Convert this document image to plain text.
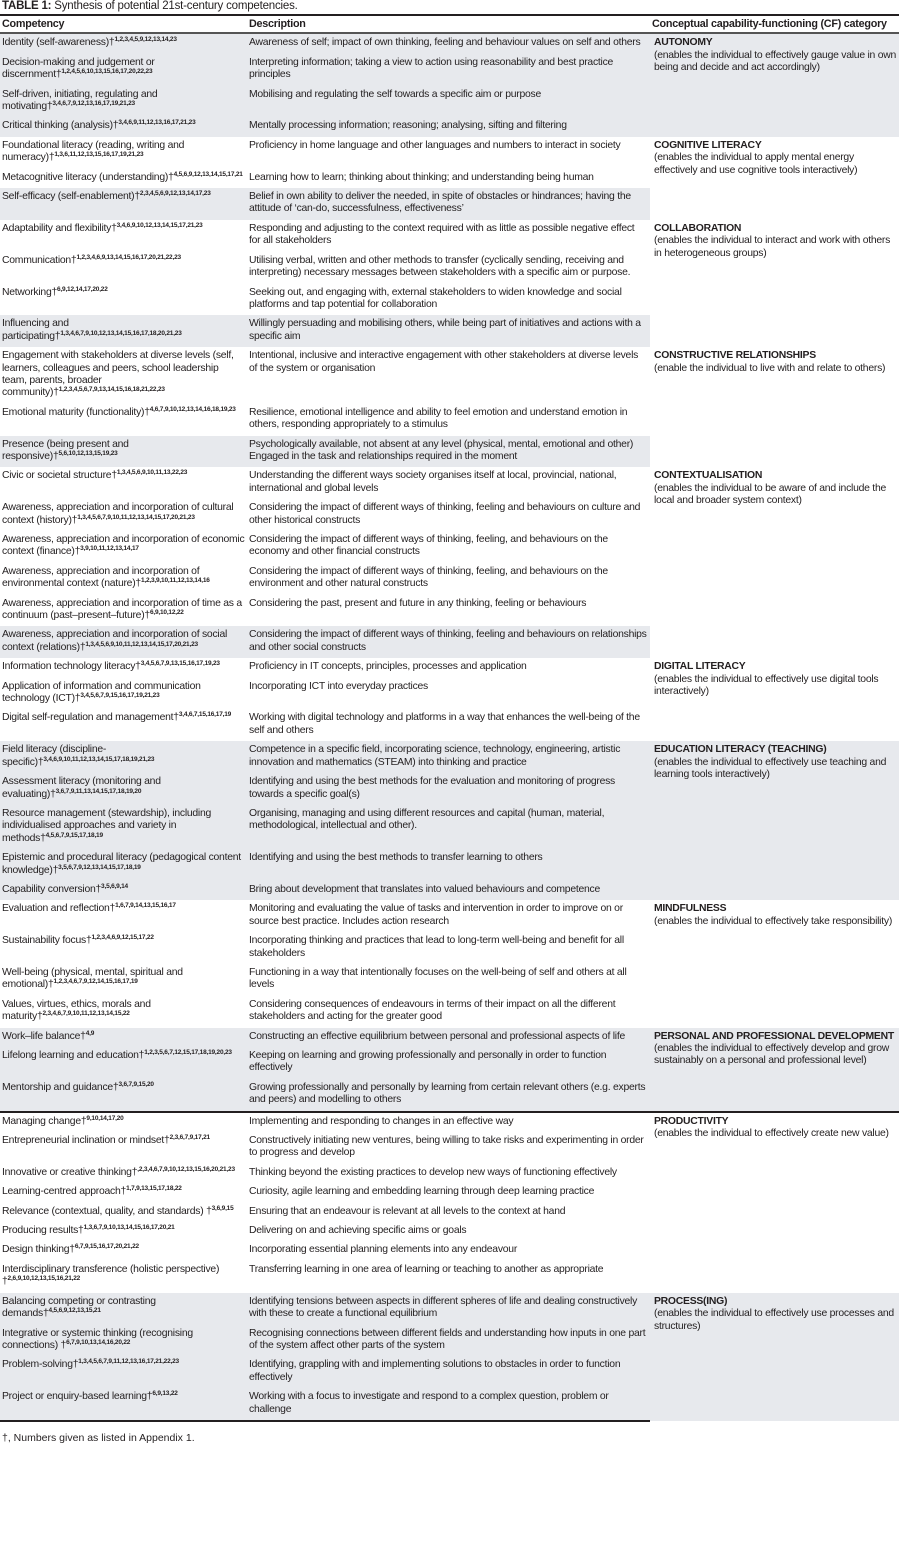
TABLE 1: Synthesis of potential 21st-century competencies.
Competency	Description	Conceptual capability-functioning (CF) category
Identity (self-awareness)†$^{1,2,3,4,5,9,12,13,14,23}$	Awareness of self; impact of own thinking, feeling and behaviour values on self and others	AUTONOMY
(enables the individual to effectively gauge value in own being and decide and act accordingly)
Decision-making and judgement or discernment†$^{1,2,4,5,6,10,13,15,16,17,20,22,23}$	Interpreting information; taking a view to action using reasonability and best practice principles	
Self-driven, initiating, regulating and motivating†$^{3,4,6,7,9,12,13,16,17,19,21,23}$	Mobilising and regulating the self towards a specific aim or purpose	
Critical thinking (analysis)†$^{3,4,6,9,11,12,13,16,17,21,23}$	Mentally processing information; reasoning; analysing, sifting and filtering	
Foundational literacy (reading, writing and numeracy)†$^{1,3,6,11,12,13,15,16,17,19,21,23}$	Proficiency in home language and other languages and numbers to interact in society	COGNITIVE LITERACY
(enables the individual to apply mental energy effectively and use cognitive tools interactively)
Metacognitive literacy (understanding)†$^{4,5,6,9,12,13,14,15,17,21}$	Learning how to learn; thinking about thinking; and understanding being human	
Self-efficacy (self-enablement)†$^{2,3,4,5,6,9,12,13,14,17,23}$	Belief in own ability to deliver the needed, in spite of obstacles or hindrances; having the attitude of ‘can-do, successfulness, effectiveness’	
Adaptability and flexibility†$^{3,4,6,9,10,12,13,14,15,17,21,23}$	Responding and adjusting to the context required with as little as possible negative effect for all stakeholders	COLLABORATION
(enables the individual to interact and work with others in heterogeneous groups)
Communication†$^{1,2,3,4,6,9,13,14,15,16,17,20,21,22,23}$	Utilising verbal, written and other methods to transfer (cyclically sending, receiving and interpreting) necessary messages between stakeholders with a specific aim or purpose.	
Networking†$^{6,9,12,14,17,20,22}$	Seeking out, and engaging with, external stakeholders to widen knowledge and social platforms and tap potential for collaboration	
Influencing and participating†$^{1,3,4,6,7,9,10,12,13,14,15,16,17,18,20,21,23}$	Willingly persuading and mobilising others, while being part of initiatives and actions with a specific aim	
Engagement with stakeholders at diverse levels (self, learners, colleagues and peers, school leadership team, parents, broader community)†$^{1,2,3,4,5,6,7,9,13,14,15,16,18,21,22,23}$	Intentional, inclusive and interactive engagement with other stakeholders at diverse levels of the system or organisation	CONSTRUCTIVE RELATIONSHIPS
(enable the individual to live with and relate to others)
Emotional maturity (functionality)†$^{4,6,7,9,10,12,13,14,16,18,19,23}$	Resilience, emotional intelligence and ability to feel emotion and understand emotion in others, responding appropriately to a stimulus	
Presence (being present and responsive)†$^{5,6,10,12,13,15,19,23}$	Psychologically available, not absent at any level (physical, mental, emotional and other) Engaged in the task and relationships required in the moment	
Civic or societal structure†$^{1,3,4,5,6,9,10,11,13,22,23}$	Understanding the different ways society organises itself at local, provincial, national, international and global levels	CONTEXTUALISATION
(enables the individual to be aware of and include the local and broader system context)
Awareness, appreciation and incorporation of cultural context (history)†$^{1,3,4,5,6,7,9,10,11,12,13,14,15,17,20,21,23}$	Considering the impact of different ways of thinking, feeling and behaviours on culture and other historical constructs	
Awareness, appreciation and incorporation of economic context (finance)†$^{3,9,10,11,12,13,14,17}$	Considering the impact of different ways of thinking, feeling, and behaviours on the economy and other financial constructs	
Awareness, appreciation and incorporation of environmental context (nature)†$^{1,2,3,9,10,11,12,13,14,16}$	Considering the impact of different ways of thinking, feeling, and behaviours on the environment and other natural constructs	
Awareness, appreciation and incorporation of time as a continuum (past–present–future)†$^{6,9,10,12,22}$	Considering the past, present and future in any thinking, feeling or behaviours	
Awareness, appreciation and incorporation of social context (relations)†$^{1,3,4,5,6,9,10,11,12,13,14,15,17,20,21,23}$	Considering the impact of different ways of thinking, feeling and behaviours on relationships and other social constructs	
Information technology literacy†$^{3,4,5,6,7,9,13,15,16,17,19,23}$	Proficiency in IT concepts, principles, processes and application	DIGITAL LITERACY
(enables the individual to effectively use digital tools interactively)
Application of information and communication technology (ICT)†$^{3,4,5,6,7,9,15,16,17,19,21,23}$	Incorporating ICT into everyday practices	
Digital self-regulation and management†$^{3,4,6,7,15,16,17,19}$	Working with digital technology and platforms in a way that enhances the well-being of the self and others	
Field literacy (discipline-specific)†$^{3,4,6,9,10,11,12,13,14,15,17,18,19,21,23}$	Competence in a specific field, incorporating science, technology, engineering, artistic innovation and mathematics (STEAM) into thinking and practice	EDUCATION LITERACY (TEACHING)
(enables the individual to effectively use teaching and learning tools interactively)
Assessment literacy (monitoring and evaluating)†$^{3,6,7,9,11,13,14,15,17,18,19,20}$	Identifying and using the best methods for the evaluation and monitoring of progress towards a specific goal(s)	
Resource management (stewardship), including individualised approaches and variety in methods†$^{4,5,6,7,9,15,17,18,19}$	Organising, managing and using different resources and capital (human, material, methodological, intellectual and other).	
Epistemic and procedural literacy (pedagogical content knowledge)†$^{3,5,6,7,9,12,13,14,15,17,18,19}$	Identifying and using the best methods to transfer learning to others	
Capability conversion†$^{3,5,6,9,14}$	Bring about development that translates into valued behaviours and competence	
Evaluation and reflection†$^{1,6,7,9,14,13,15,16,17}$	Monitoring and evaluating the value of tasks and intervention in order to improve on or source best practice. Includes action research	MINDFULNESS
(enables the individual to effectively take responsibility)
Sustainability focus†$^{1,2,3,4,6,9,12,15,17,22}$	Incorporating thinking and practices that lead to long-term well-being and benefit for all stakeholders	
Well-being (physical, mental, spiritual and emotional)†$^{1,2,3,4,6,7,9,12,14,15,16,17,19}$	Functioning in a way that intentionally focuses on the well-being of self and others at all levels	
Values, virtues, ethics, morals and maturity†$^{2,3,4,6,7,9,10,11,12,13,14,15,22}$	Considering consequences of endeavours in terms of their impact on all the different stakeholders and acting for the greater good	
Work–life balance†$^{4,9}$	Constructing an effective equilibrium between personal and professional aspects of life	PERSONAL AND PROFESSIONAL DEVELOPMENT
(enables the individual to effectively develop and grow sustainably on a personal and professional level)
Lifelong learning and education†$^{1,2,3,5,6,7,12,15,17,18,19,20,23}$	Keeping on learning and growing professionally and personally in order to function effectively	
Mentorship and guidance†$^{3,6,7,9,15,20}$	Growing professionally and personally by learning from certain relevant others (e.g. experts and peers) and modelling to others	
Managing change†$^{9,10,14,17,20}$	Implementing and responding to changes in an effective way	PRODUCTIVITY
(enables the individual to effectively create new value)
Entrepreneurial inclination or mindset†$^{2,3,6,7,9,17,21}$	Constructively initiating new ventures, being willing to take risks and experimenting in order to progress and develop	
Innovative or creative thinking†$^{,2,3,4,6,7,9,10,12,13,15,16,20,21,23}$	Thinking beyond the existing practices to develop new ways of functioning effectively	
Learning-centred approach†$^{1,7,9,13,15,17,18,22}$	Curiosity, agile learning and embedding learning through deep learning practice	
Relevance (contextual, quality, and standards) †$^{3,6,9,15}$	Ensuring that an endeavour is relevant at all levels to the context at hand	
Producing results†$^{1,3,6,7,9,10,13,14,15,16,17,20,21}$	Delivering on and achieving specific aims or goals	
Design thinking†$^{6,7,9,15,16,17,20,21,22}$	Incorporating essential planning elements into any endeavour	
Interdisciplinary transference (holistic perspective) †$^{2,6,9,10,12,13,15,16,21,22}$	Transferring learning in one area of learning or teaching to another as appropriate	
Balancing competing or contrasting demands†$^{4,5,6,9,12,13,15,21}$	Identifying tensions between aspects in different spheres of life and dealing constructively with these to create a functional equilibrium	PROCESS(ING)
(enables the individual to effectively use processes and structures)
Integrative or systemic thinking (recognising connections) †$^{6,7,9,10,13,14,16,20,22}$	Recognising connections between different fields and understanding how inputs in one part of the system affect other parts of the system	
Problem-solving†$^{1,3,4,5,6,7,9,11,12,13,16,17,21,22,23}$	Identifying, grappling with and implementing solutions to obstacles in order to function effectively	
Project or enquiry-based learning†$^{6,9,13,22}$	Working with a focus to investigate and respond to a complex question, problem or challenge	
†, Numbers given as listed in Appendix 1.
